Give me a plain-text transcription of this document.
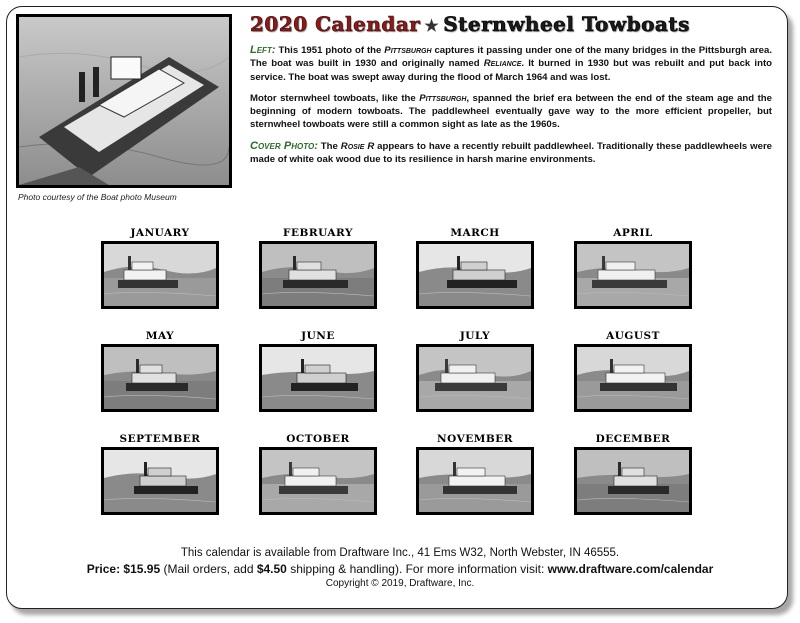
Photo courtesy of the Boat photo Museum
2020 Calendar ★ Sternwheel Towboats

Left: This 1951 photo of the Pittsburgh captures it passing under one of the many bridges in the Pittsburgh area. The boat was built in 1930 and originally named Reliance. It burned in 1930 but was rebuilt and put back into service. The boat was swept away during the flood of March 1964 and was lost.

Motor sternwheel towboats, like the Pittsburgh, spanned the brief era between the end of the steam age and the beginning of modern towboats. The paddlewheel eventually gave way to the more efficient propeller, but sternwheel towboats were still a common sight as late as the 1960s.

Cover Photo: The Rosie R appears to have a recently rebuilt paddlewheel. Traditionally these paddlewheels were made of white oak wood due to its resilience in harsh marine environments.

JANUARY	FEBRUARY	MARCH	APRIL
MAY	JUNE	JULY	AUGUST
SEPTEMBER	OCTOBER	NOVEMBER	DECEMBER
This calendar is available from Draftware Inc., 41 Ems W32, North Webster, IN 46555.
Price: $15.95 (Mail orders, add $4.50 shipping & handling). For more information visit: www.draftware.com/calendar
Copyright © 2019, Draftware, Inc.
